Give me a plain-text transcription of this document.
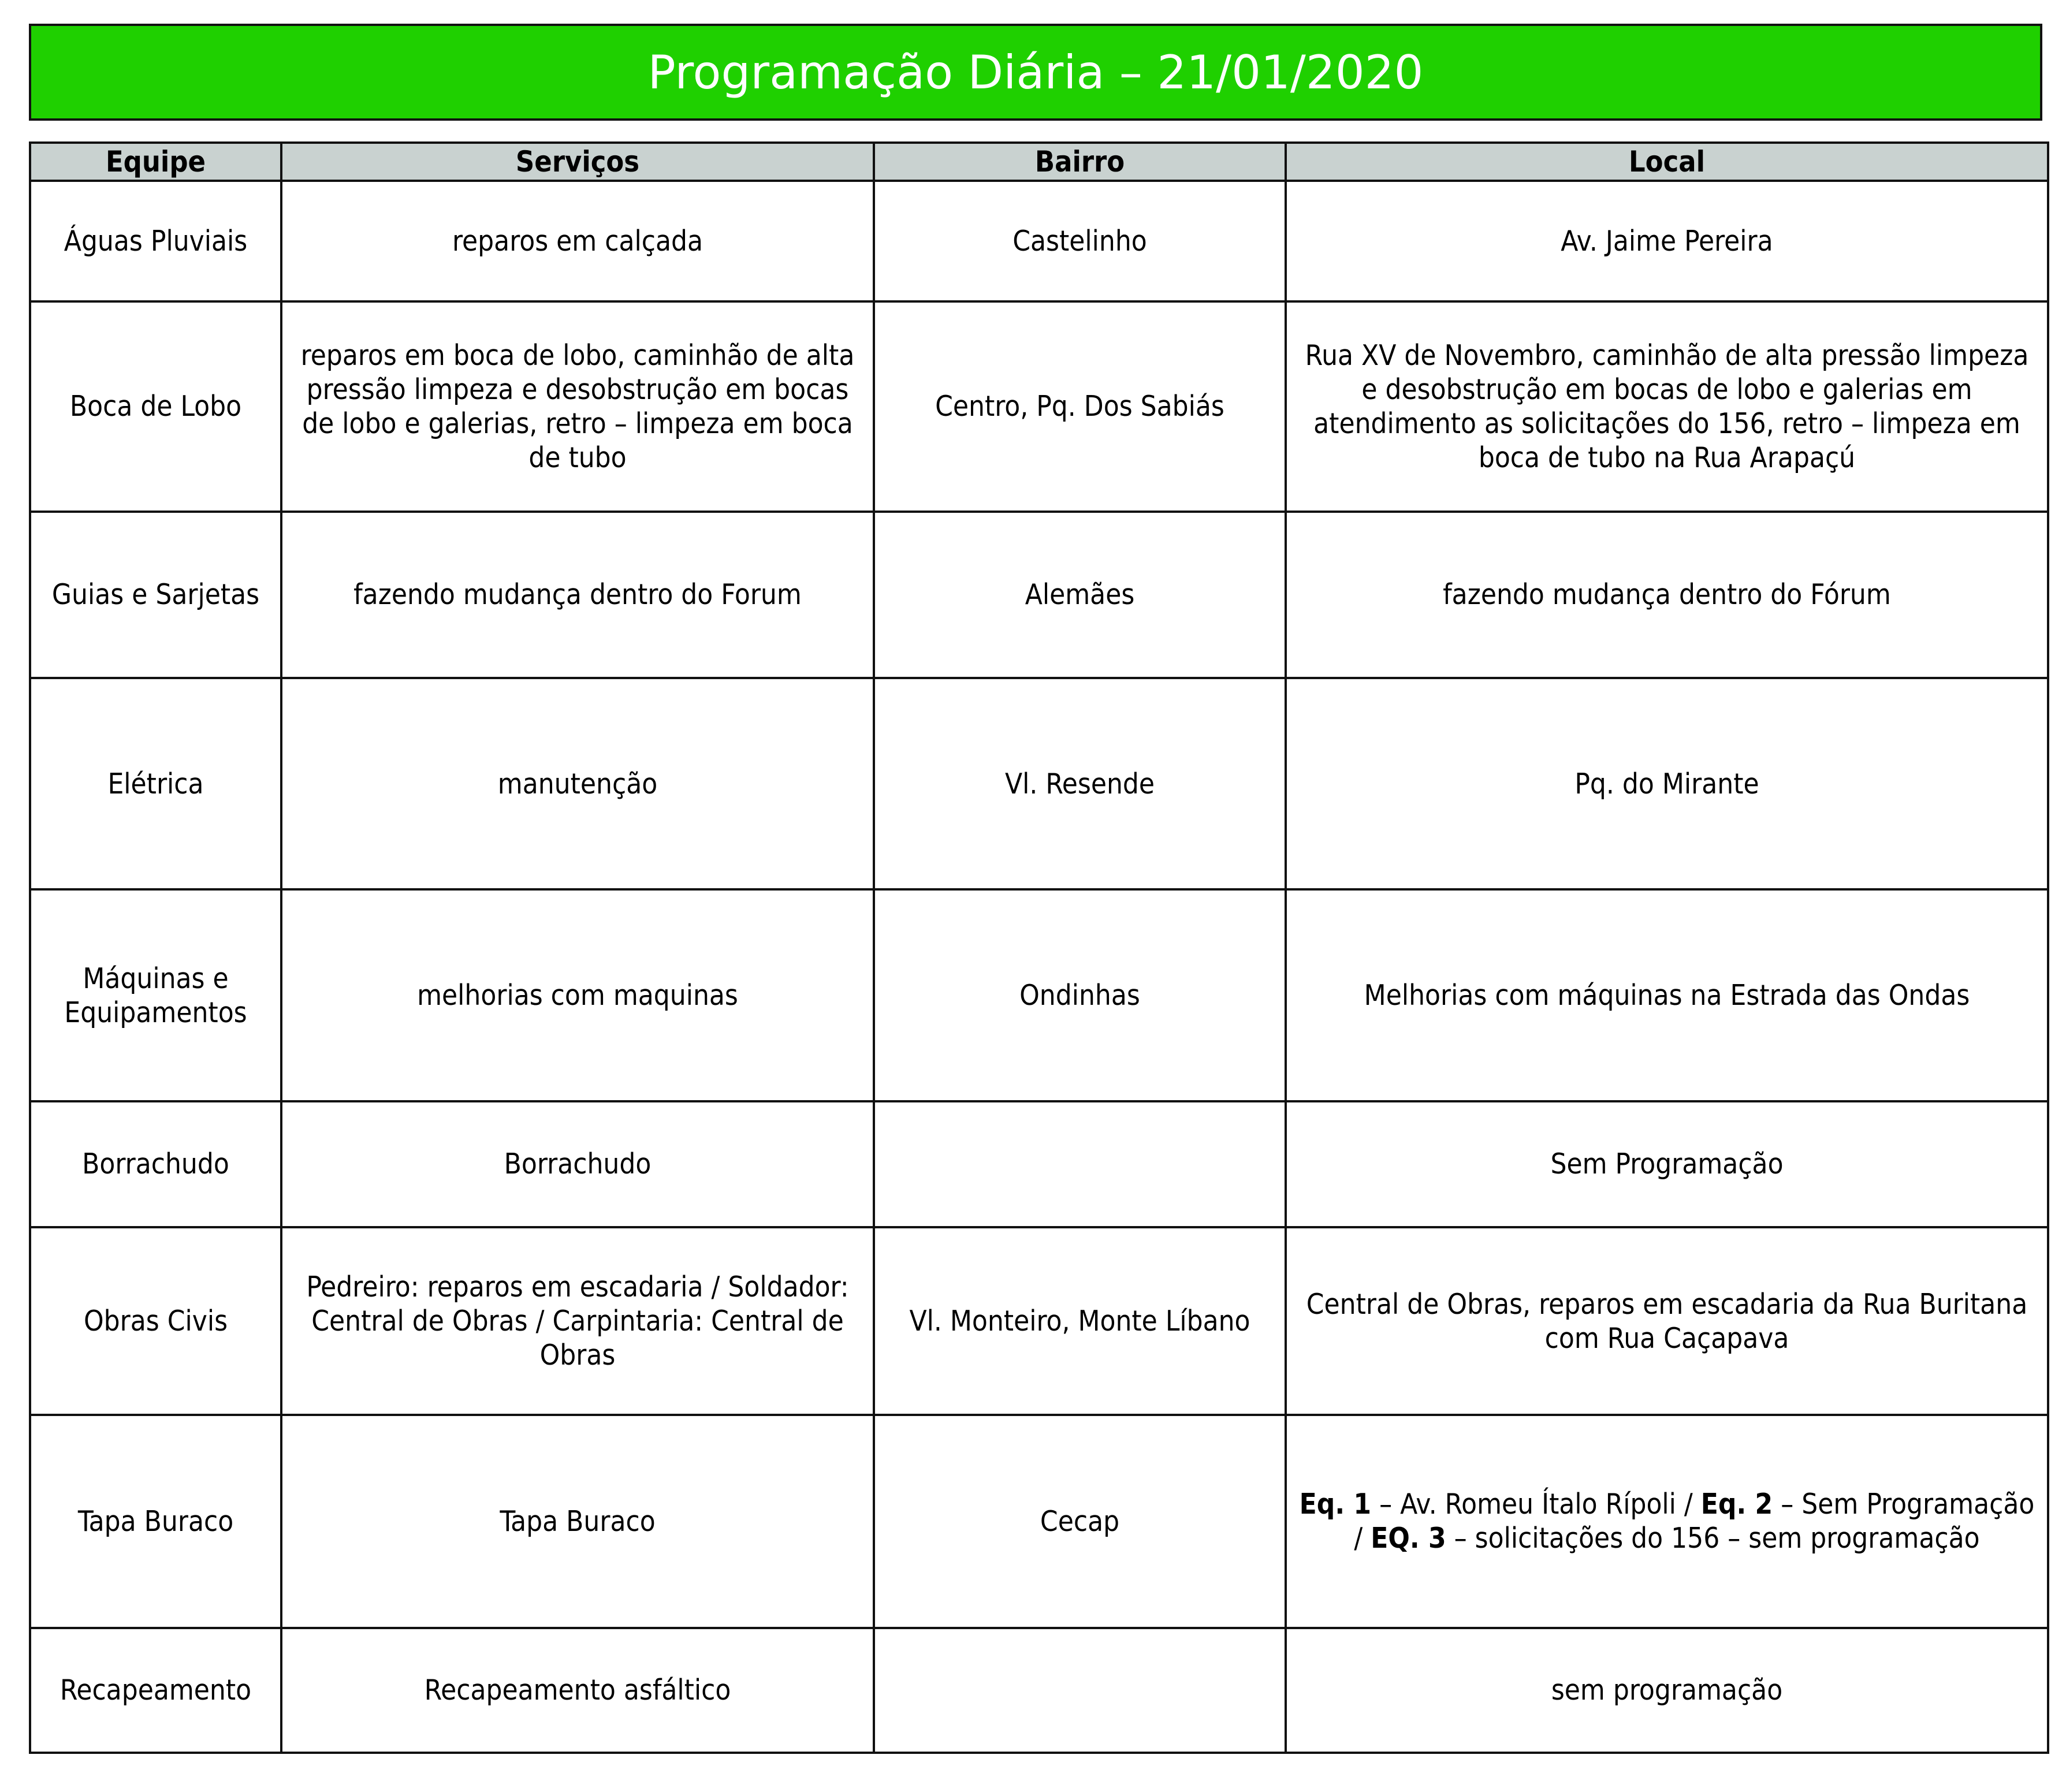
Programação Diária – 21/01/2020
Equipe	Serviços	Bairro	Local
Águas Pluviais	reparos em calçada	Castelinho	Av. Jaime Pereira
Boca de Lobo	reparos em boca de lobo, caminhão de alta pressão limpeza e desobstrução em bocas de lobo e galerias, retro – limpeza em boca de tubo	Centro, Pq. Dos Sabiás	Rua XV de Novembro, caminhão de alta pressão limpeza e desobstrução em bocas de lobo e galerias em atendimento as solicitações do 156, retro – limpeza em boca de tubo na Rua Arapaçú
Guias e Sarjetas	fazendo mudança dentro do Forum	Alemães	fazendo mudança dentro do Fórum
Elétrica	manutenção	Vl. Resende	Pq. do Mirante
Máquinas e Equipamentos	melhorias com maquinas	Ondinhas	Melhorias com máquinas na Estrada das Ondas
Borrachudo	Borrachudo		Sem Programação
Obras Civis	Pedreiro: reparos em escadaria / Soldador: Central de Obras / Carpintaria: Central de Obras	Vl. Monteiro, Monte Líbano	Central de Obras, reparos em escadaria da Rua Buritana com Rua Caçapava
Tapa Buraco	Tapa Buraco	Cecap	Eq. 1 – Av. Romeu Ítalo Rípoli / Eq. 2 – Sem Programação / EQ. 3 – solicitações do 156 – sem programação
Recapeamento	Recapeamento asfáltico		sem programação
